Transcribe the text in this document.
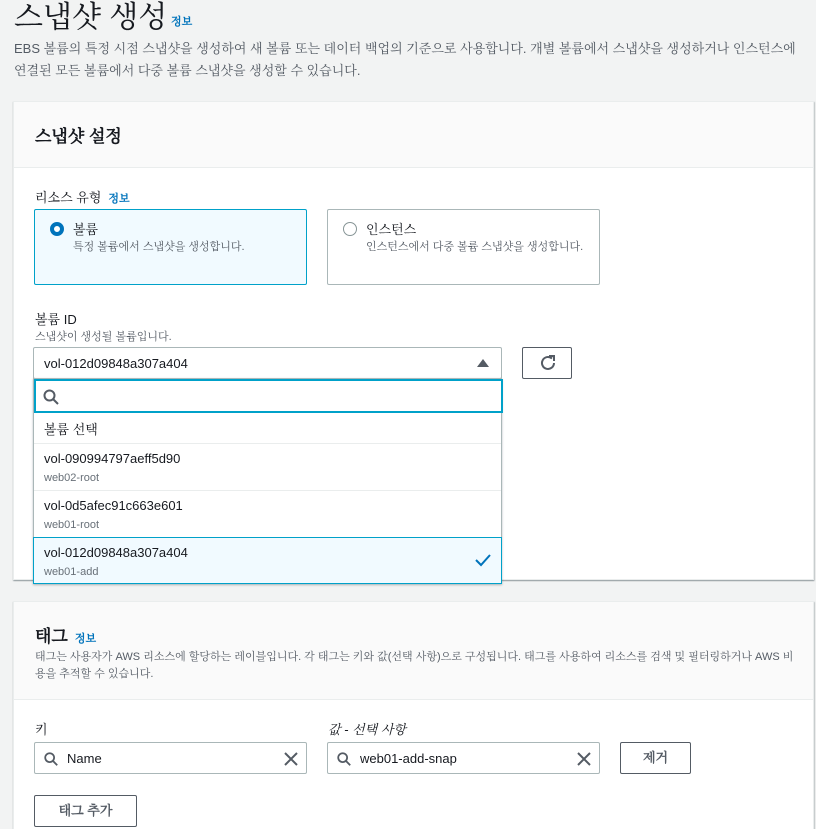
스냅샷 생성 정보
EBS 볼륨의 특정 시점 스냅샷을 생성하여 새 볼륨 또는 데이터 백업의 기준으로 사용합니다. 개별 볼륨에서 스냅샷을 생성하거나 인스턴스에 연결된 모든 볼륨에서 다중 볼륨 스냅샷을 생성할 수 있습니다.
스냅샷 설정
리소스 유형 정보
볼륨
특정 볼륨에서 스냅샷을 생성합니다.
인스턴스
인스턴스에서 다중 볼륨 스냅샷을 생성합니다.
볼륨 ID
스냅샷이 생성될 볼륨입니다.
vol-012d09848a307a404
볼륨 선택
vol-090994797aeff5d90
web02-root
vol-0d5afec91c663e601
web01-root
vol-012d09848a307a404
web01-add
태그 정보
태그는 사용자가 AWS 리소스에 할당하는 레이블입니다. 각 태그는 키와 값(선택 사항)으로 구성됩니다. 태그를 사용하여 리소스를 검색 및 필터링하거나 AWS 비용을 추적할 수 있습니다.
키	값 - 선택 사항
Name	web01-add-snap	제거
태그 추가
